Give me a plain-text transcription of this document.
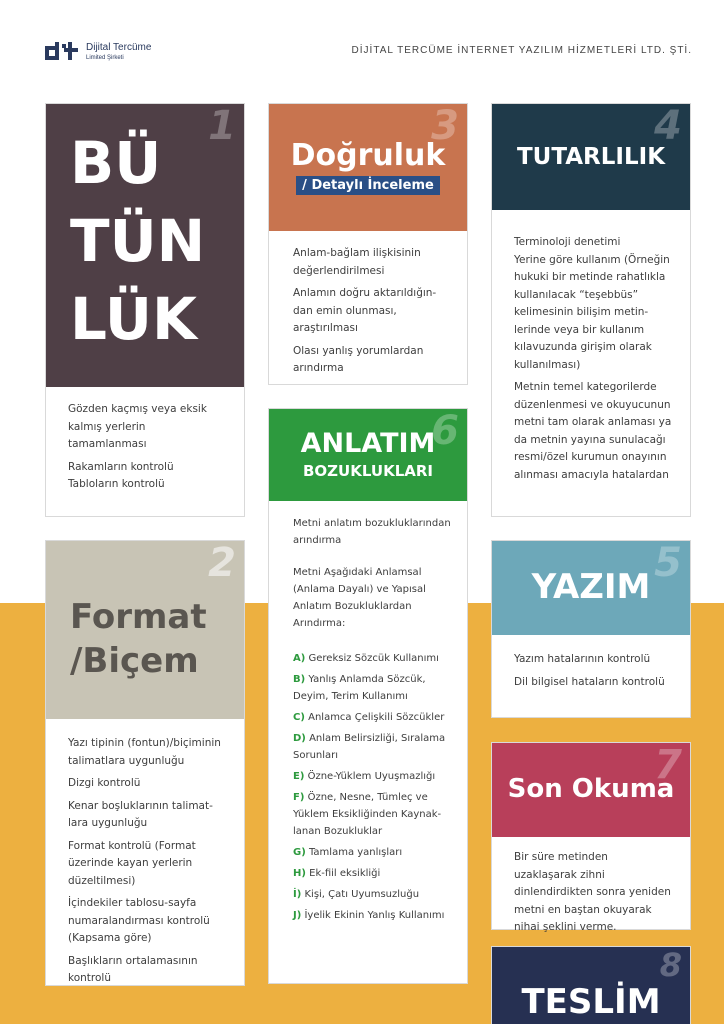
Dijital Tercüme
Limited Şirketi
DİJİTAL TERCÜME İNTERNET YAZILIM HİZMETLERİ LTD. ŞTİ.
1
BÜ
TÜN
LÜK
Gözden kaçmış veya eksik kalmış yerlerin tamamlanması
Rakamların kontrolü
Tabloların kontrolü
3
Doğruluk
/ Detaylı İnceleme
Anlam-bağlam ilişkisinin değerlendirilmesi
Anlamın doğru aktarıldığın-dan emin olunması, araştırılması
Olası yanlış yorumlardan arındırma
4
TUTARLILIK
Terminoloji denetimi
Yerine göre kullanım (Örneğin hukuki bir metinde rahatlıkla kullanılacak “teşebbüs” kelimesinin bilişim metin-lerinde veya bir kullanım kılavuzunda girişim olarak kullanılması)
Metnin temel kategorilerde düzenlenmesi ve okuyucunun metni tam olarak anlaması ya da metnin yayına sunulacağı resmi/özel kurumun onayının alınması amacıyla hatalardan
6
ANLATIM
BOZUKLUKLARI
Metni anlatım bozukluklarından arındırma
Metni Aşağıdaki Anlamsal (Anlama Dayalı) ve Yapısal Anlatım Bozukluklardan Arındırma:
A) Gereksiz Sözcük Kullanımı
B) Yanlış Anlamda Sözcük, Deyim, Terim Kullanımı
C) Anlamca Çelişkili Sözcükler
D) Anlam Belirsizliği, Sıralama Sorunları
E) Özne-Yüklem Uyuşmazlığı
F) Özne, Nesne, Tümleç ve Yüklem Eksikliğinden Kaynak-lanan Bozukluklar
G) Tamlama yanlışları
H) Ek-fiil eksikliği
İ) Kişi, Çatı Uyumsuzluğu
J) İyelik Ekinin Yanlış Kullanımı
2
Format
/Biçem
Yazı tipinin (fontun)/biçiminin talimatlara uygunluğu
Dizgi kontrolü
Kenar boşluklarının talimat-lara uygunluğu
Format kontrolü (Format üzerinde kayan yerlerin düzeltilmesi)
İçindekiler tablosu-sayfa numaralandırması kontrolü (Kapsama göre)
Başlıkların ortalamasının kontrolü
5
YAZIM
Yazım hatalarının kontrolü
Dil bilgisel hataların kontrolü
7
Son Okuma
Bir süre metinden uzaklaşarak zihni dinlendirdikten sonra yeniden metni en baştan okuyarak nihai şeklini verme.
8
TESLİM
